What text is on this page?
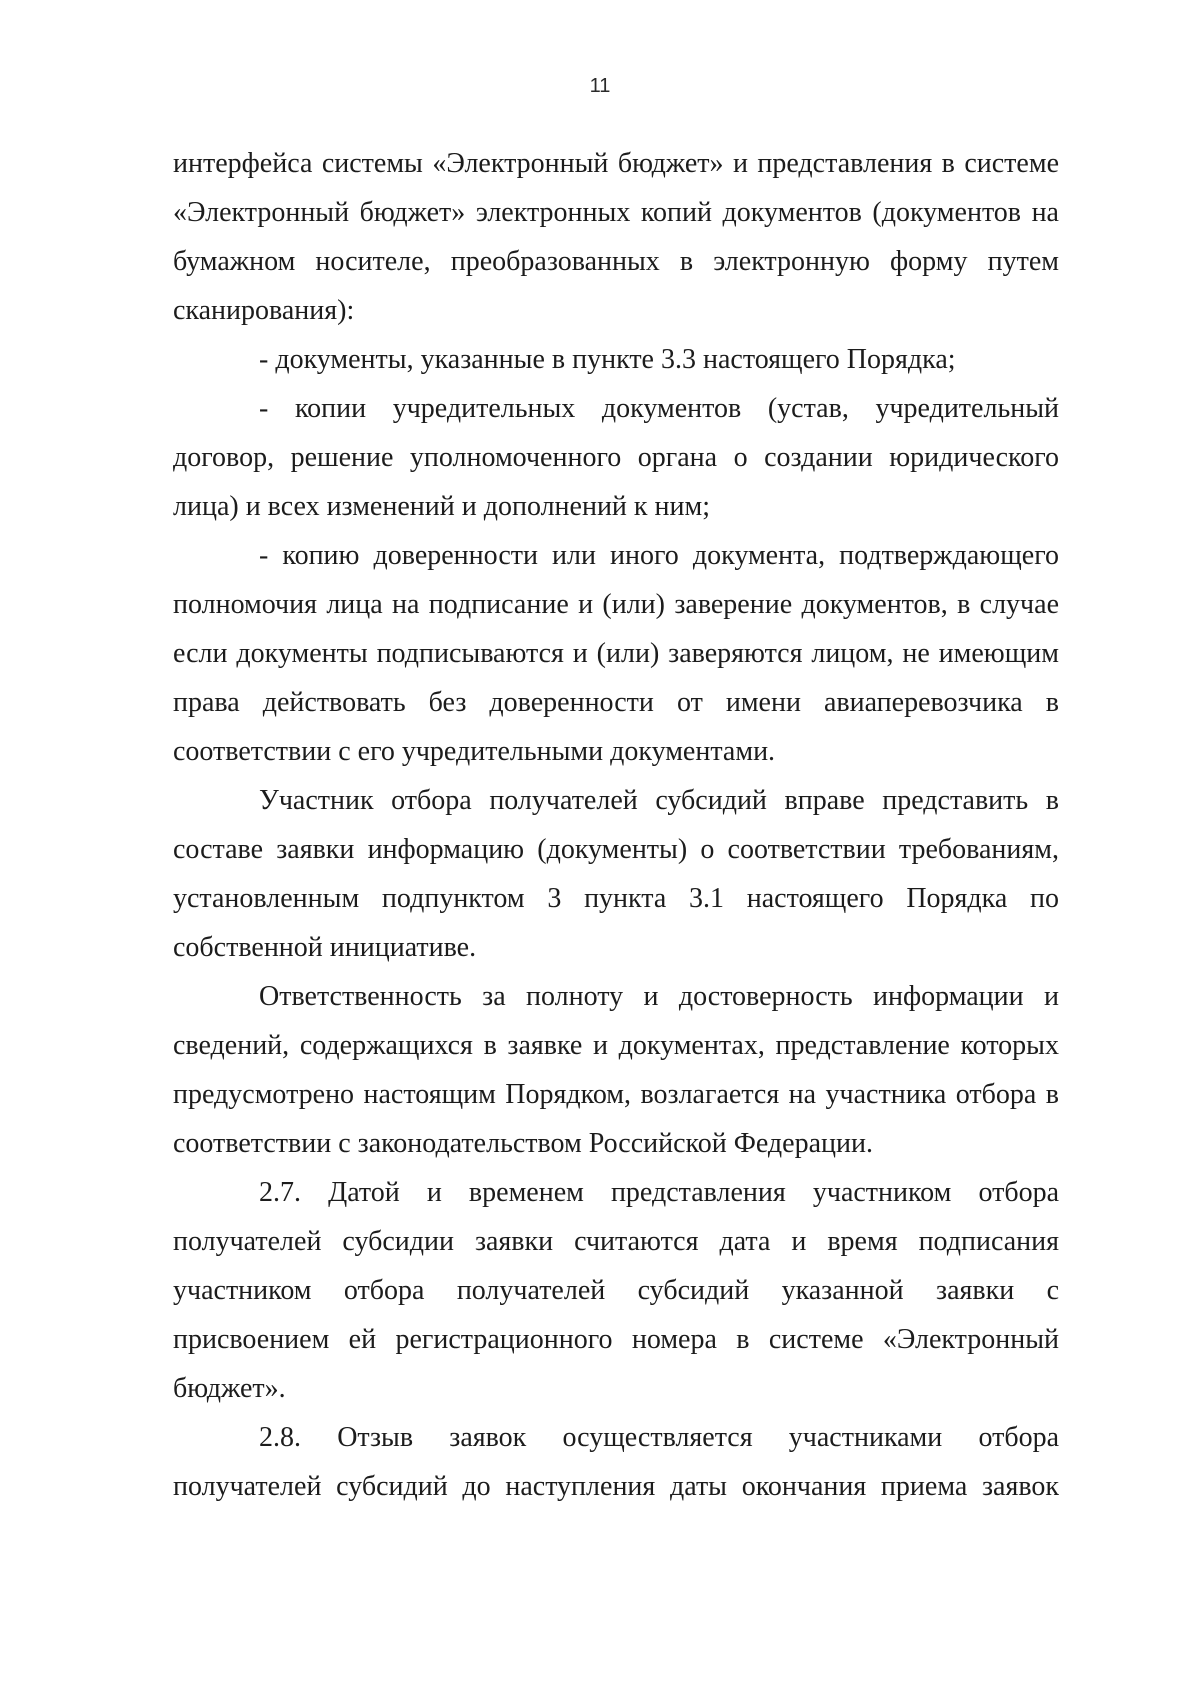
11
интерфейса системы «Электронный бюджет» и представления в системе
«Электронный бюджет» электронных копий документов (документов на
бумажном носителе, преобразованных в электронную форму путем
сканирования):
- документы, указанные в пункте 3.3 настоящего Порядка;
- копии учредительных документов (устав, учредительный
договор, решение уполномоченного органа о создании юридического
лица) и всех изменений и дополнений к ним;
- копию доверенности или иного документа, подтверждающего
полномочия лица на подписание и (или) заверение документов, в случае
если документы подписываются и (или) заверяются лицом, не имеющим
права действовать без доверенности от имени авиаперевозчика в
соответствии с его учредительными документами.
Участник отбора получателей субсидий вправе представить в
составе заявки информацию (документы) о соответствии требованиям,
установленным подпунктом 3 пункта 3.1 настоящего Порядка по
собственной инициативе.
Ответственность за полноту и достоверность информации и
сведений, содержащихся в заявке и документах, представление которых
предусмотрено настоящим Порядком, возлагается на участника отбора в
соответствии с законодательством Российской Федерации.
2.7. Датой и временем представления участником отбора
получателей субсидии заявки считаются дата и время подписания
участником отбора получателей субсидий указанной заявки с
присвоением ей регистрационного номера в системе «Электронный
бюджет».
2.8. Отзыв заявок осуществляется участниками отбора
получателей субсидий до наступления даты окончания приема заявок
